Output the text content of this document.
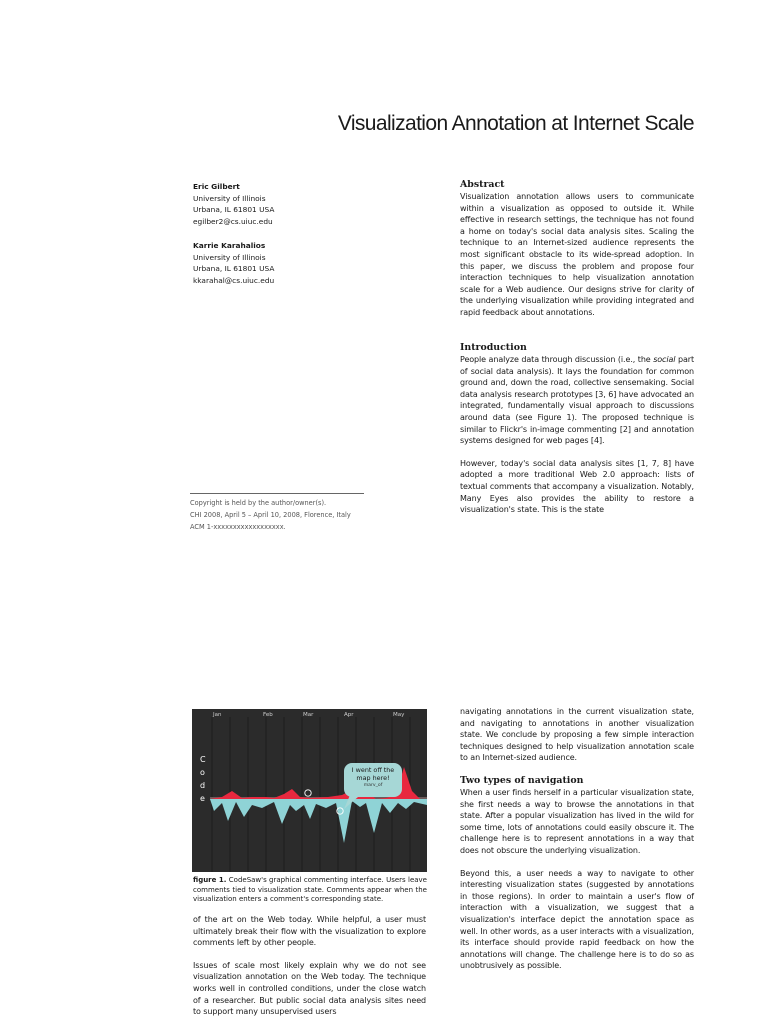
Visualization Annotation at Internet Scale
Eric Gilbert
University of Illinois
Urbana, IL 61801 USA
egilber2@cs.uiuc.edu
Karrie Karahalios
University of Illinois
Urbana, IL 61801 USA
kkarahal@cs.uiuc.edu
Copyright is held by the author/owner(s).
CHI 2008, April 5 – April 10, 2008, Florence, Italy
ACM 1-xxxxxxxxxxxxxxxxxx.
Abstract

Visualization annotation allows users to communicate within a visualization as opposed to outside it. While effective in research settings, the technique has not found a home on today's social data analysis sites. Scaling the technique to an Internet-sized audience represents the most significant obstacle to its wide-spread adoption. In this paper, we discuss the problem and propose four interaction techniques to help visualization annotation scale for a Web audience. Our designs strive for clarity of the underlying visualization while providing integrated and rapid feedback about annotations.

Introduction

People analyze data through discussion (i.e., the social part of social data analysis). It lays the foundation for common ground and, down the road, collective sensemaking. Social data analysis research prototypes [3, 6] have advocated an integrated, fundamentally visual approach to discussions around data (see Figure 1). The proposed technique is similar to Flickr's in-image commenting [2] and annotation systems designed for web pages [4].

However, today's social data analysis sites [1, 7, 8] have adopted a more traditional Web 2.0 approach: lists of textual comments that accompany a visualization. Notably, Many Eyes also provides the ability to restore a visualization's state. This is the state

Jan	Feb	Mar	Apr	May
C
o
d
e
I went off the map here!
marv_of
figure 1. CodeSaw's graphical commenting interface. Users leave comments tied to visualization state. Comments appear when the visualization enters a comment's corresponding state.

of the art on the Web today. While helpful, a user must ultimately break their flow with the visualization to explore comments left by other people.

Issues of scale most likely explain why we do not see visualization annotation on the Web today. The technique works well in controlled conditions, under the close watch of a researcher. But public social data analysis sites need to support many unsupervised users

navigating annotations in the current visualization state, and navigating to annotations in another visualization state. We conclude by proposing a few simple interaction techniques designed to help visualization annotation scale to an Internet-sized audience.

Two types of navigation

When a user finds herself in a particular visualization state, she first needs a way to browse the annotations in that state. After a popular visualization has lived in the wild for some time, lots of annotations could easily obscure it. The challenge here is to represent annotations in a way that does not obscure the underlying visualization.

Beyond this, a user needs a way to navigate to other interesting visualization states (suggested by annotations in those regions). In order to maintain a user's flow of interaction with a visualization, we suggest that a visualization's interface depict the annotation space as well. In other words, as a user interacts with a visualization, its interface should provide rapid feedback on how the annotations will change. The challenge here is to do so as unobtrusively as possible.
